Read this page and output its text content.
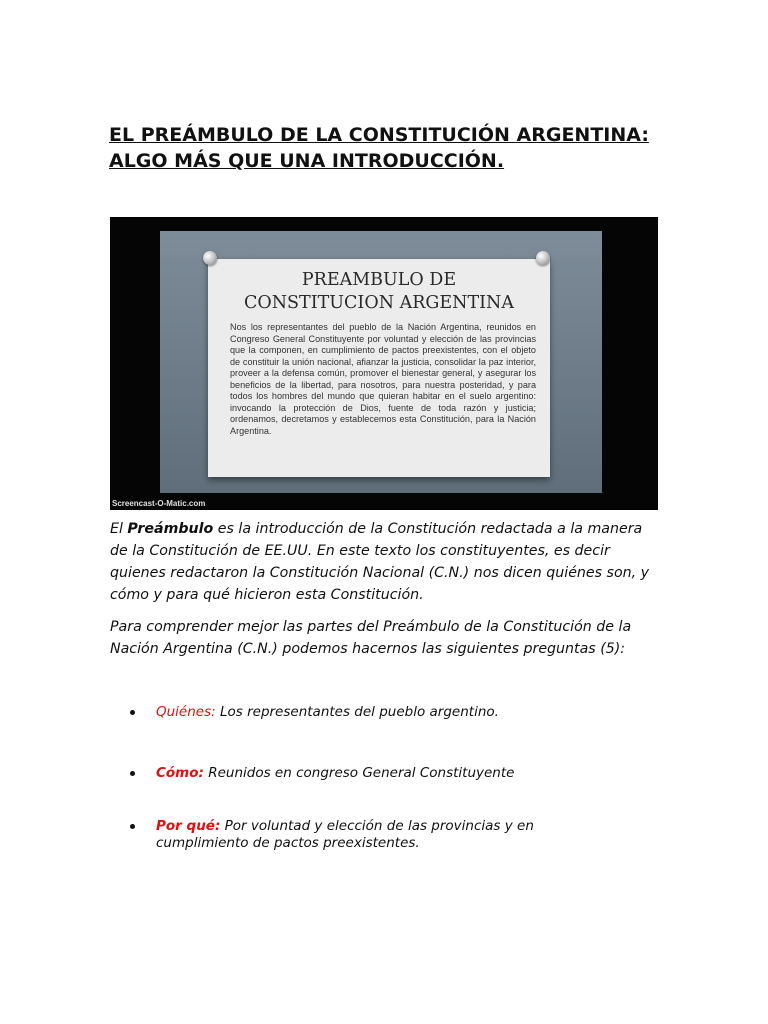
EL PREÁMBULO DE LA CONSTITUCIÓN ARGENTINA:
ALGO MÁS QUE UNA INTRODUCCIÓN.
PREAMBULO DE
CONSTITUCION ARGENTINA
Nos los representantes del pueblo de la Nación Argentina, reunidos en Congreso General Constituyente por voluntad y elección de las provincias que la componen, en cumplimiento de pactos preexistentes, con el objeto de constituir la unión nacional, afianzar la justicia, consolidar la paz interior, proveer a la defensa común, promover el bienestar general, y asegurar los beneficios de la libertad, para nosotros, para nuestra posteridad, y para todos los hombres del mundo que quieran habitar en el suelo argentino: invocando la protección de Dios, fuente de toda razón y justicia; ordenamos, decretamos y establecemos esta Constitución, para la Nación Argentina.
Screencast-O-Matic.com

El Preámbulo es la introducción de la Constitución redactada a la manera de la Constitución de EE.UU. En este texto los constituyentes, es decir quienes redactaron la Constitución Nacional (C.N.) nos dicen quiénes son, y cómo y para qué hicieron esta Constitución.

Para comprender mejor las partes del Preámbulo de la Constitución de la Nación Argentina (C.N.) podemos hacernos las siguientes preguntas (5):

Quiénes: Los representantes del pueblo argentino.
Cómo: Reunidos en congreso General Constituyente
Por qué: Por voluntad y elección de las provincias y en cumplimiento de pactos preexistentes.
